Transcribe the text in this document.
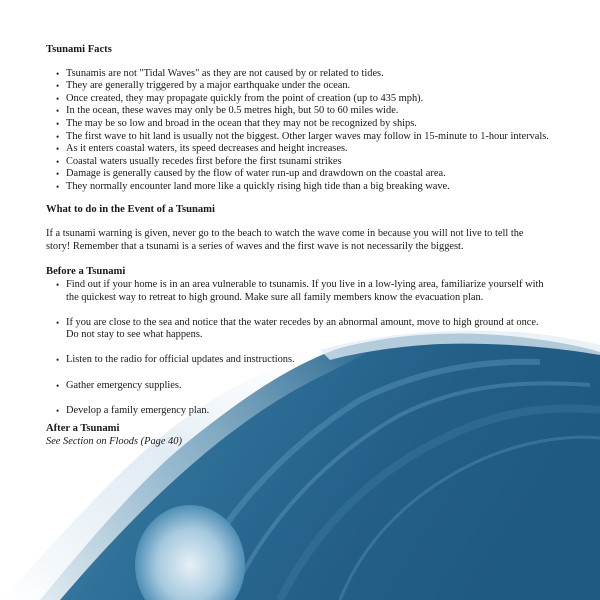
Tsunami Facts
• Tsunamis are not "Tidal Waves" as they are not caused by or related to tides.
• They are generally triggered by a major earthquake under the ocean.
• Once created, they may propagate quickly from the point of creation (up to 435 mph).
• In the ocean, these waves may only be 0.5 metres high, but 50 to 60 miles wide.
• The may be so low and broad in the ocean that they may not be recognized by ships.
• The first wave to hit land is usually not the biggest. Other larger waves may follow in 15-minute to 1-hour intervals.
• As it enters coastal waters, its speed decreases and height increases.
• Coastal waters usually recedes first before the first tsunami strikes
• Damage is generally caused by the flow of water run-up and drawdown on the coastal area.
• They normally encounter land more like a quickly rising high tide than a big breaking wave.
What to do in the Event of a Tsunami

If a tsunami warning is given, never go to the beach to watch the wave come in because you will not live to tell the story! Remember that a tsunami is a series of waves and the first wave is not necessarily the biggest.

Before a Tsunami
• Find out if your home is in an area vulnerable to tsunamis. If you live in a low-lying area, familiarize yourself with the quickest way to retreat to high ground. Make sure all family members know the evacuation plan.
• If you are close to the sea and notice that the water recedes by an abnormal amount, move to high ground at once. Do not stay to see what happens.
• Listen to the radio for official updates and instructions.
• Gather emergency supplies.
• Develop a family emergency plan.
After a Tsunami
See Section on Floods (Page 40)
